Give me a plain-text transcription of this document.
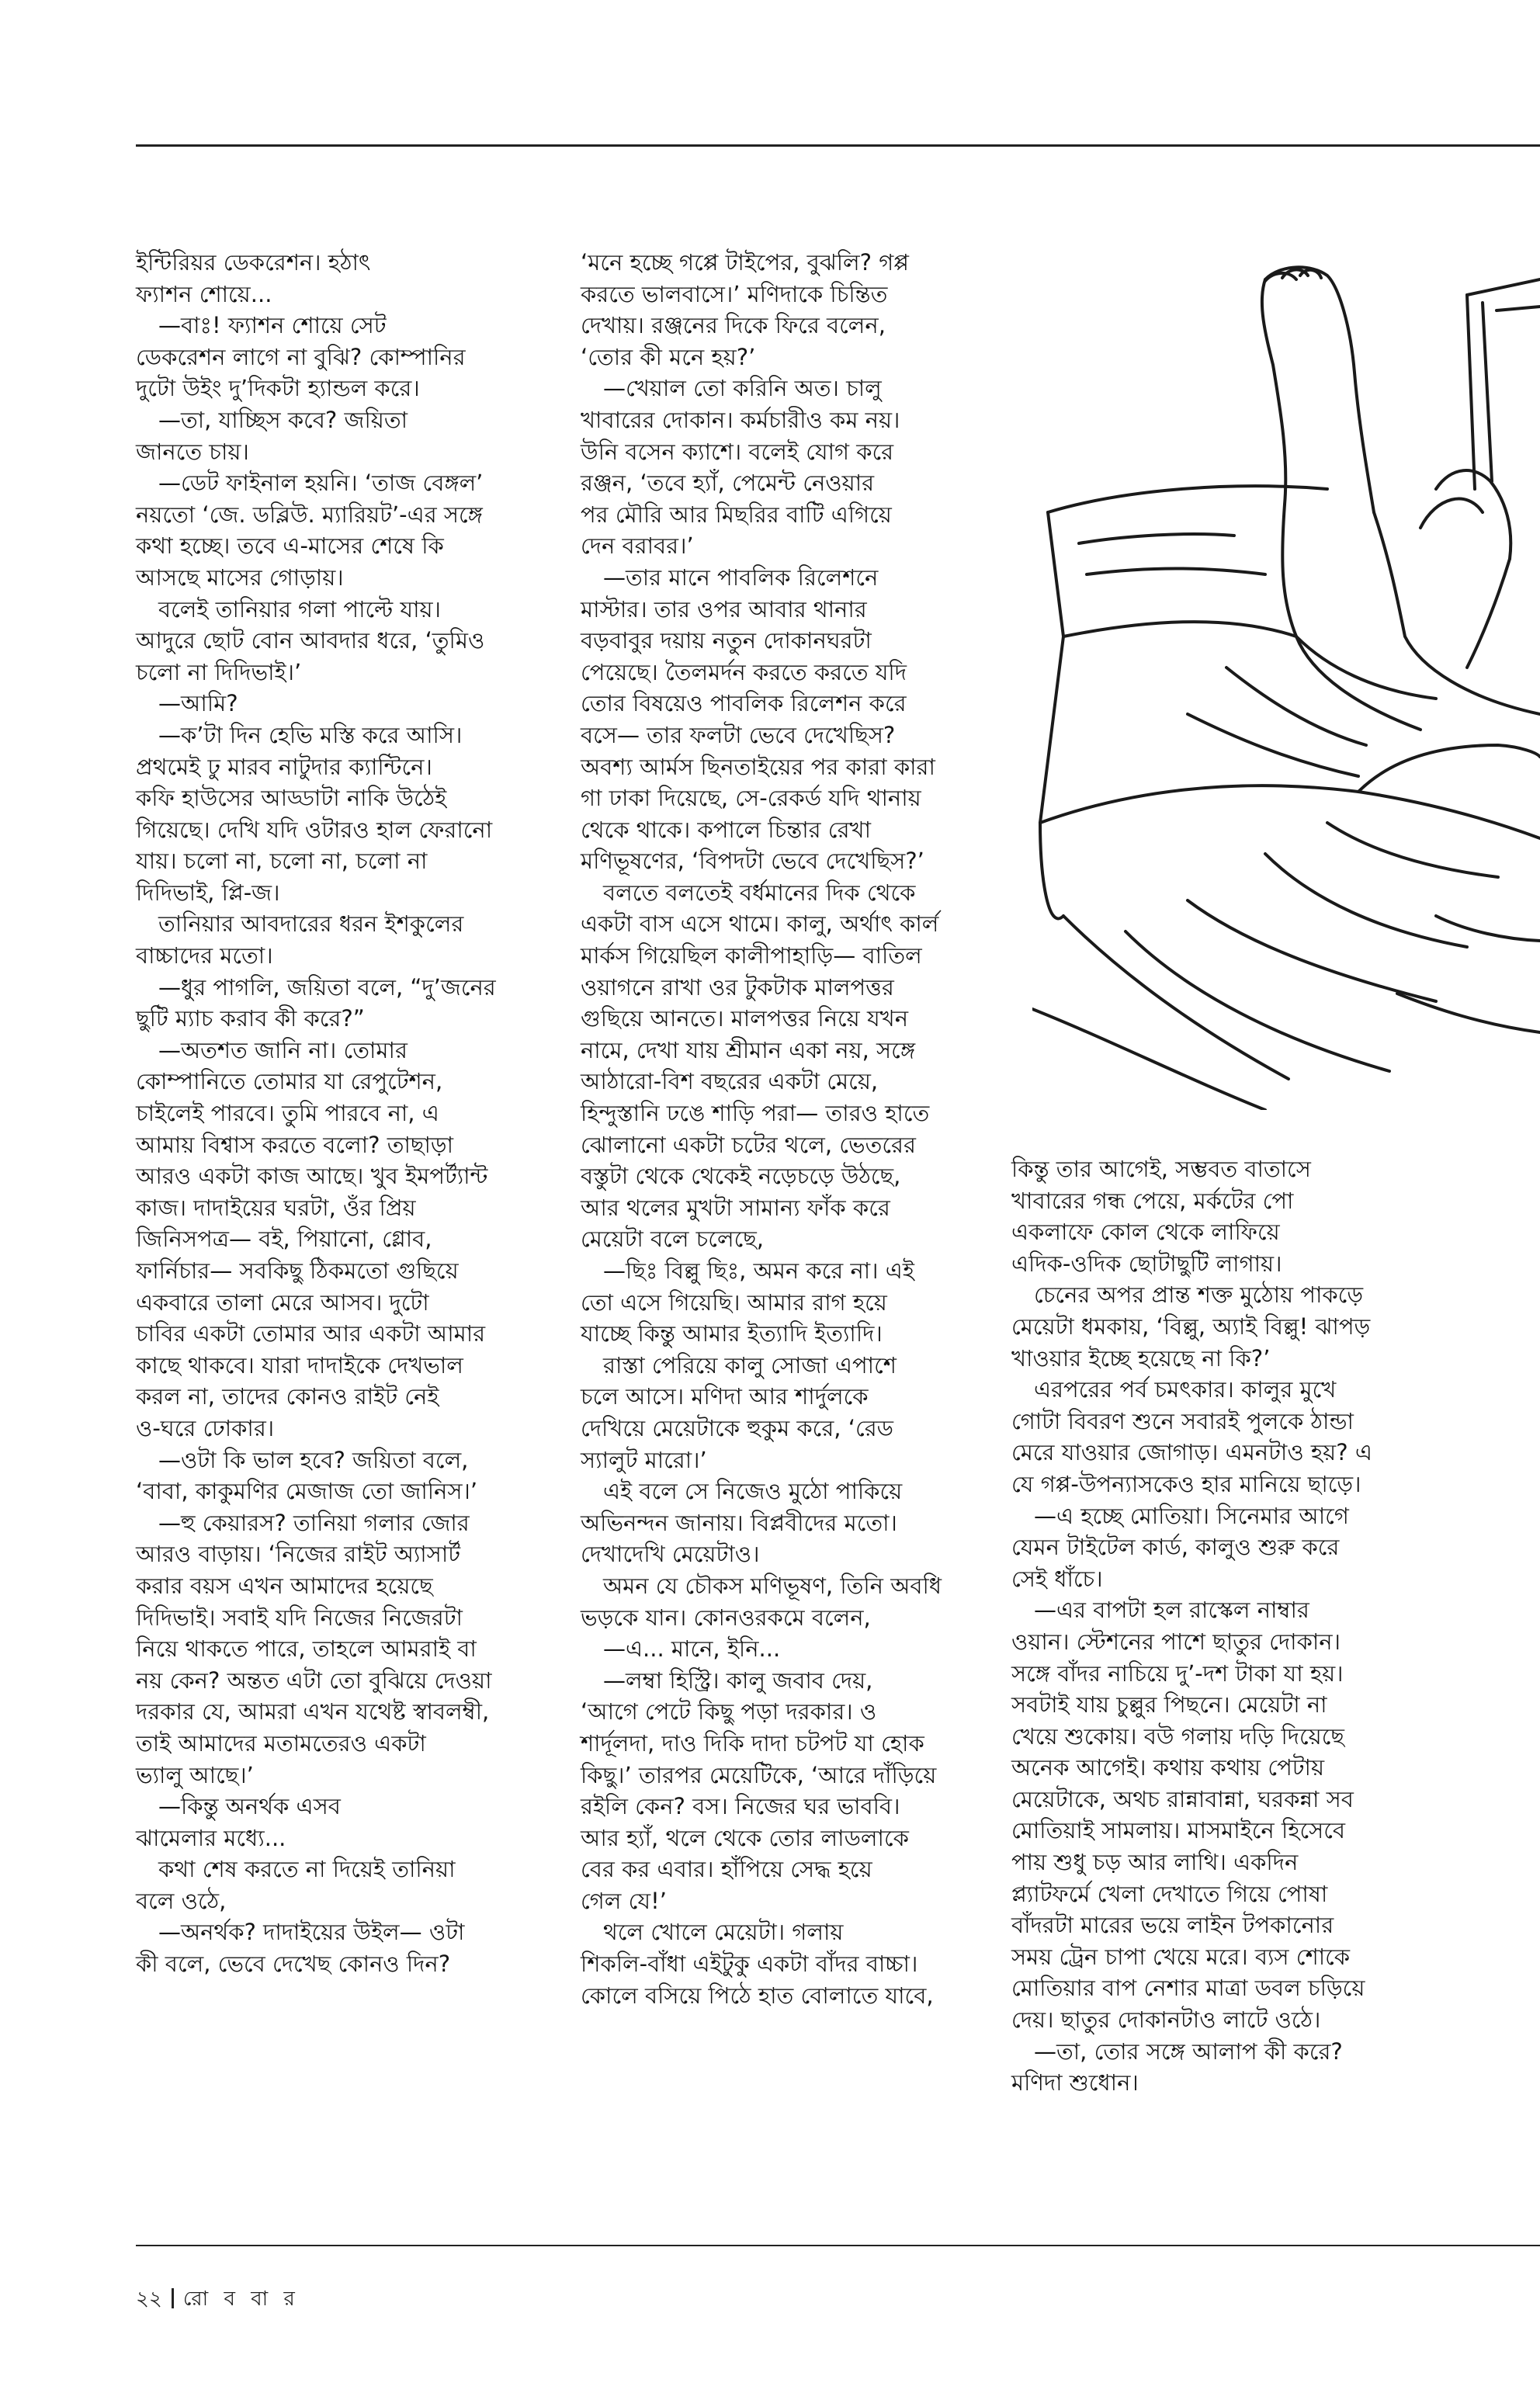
ইন্টিরিয়র ডেকরেশন। হঠাৎ
ফ্যাশন শোয়ে...
 —বাঃ! ফ্যাশন শোয়ে সেট
ডেকরেশন লাগে না বুঝি? কোম্পানির
দুটো উইং দু’দিকটা হ্যান্ডল করে।
 —তা, যাচ্ছিস কবে? জয়িতা
জানতে চায়।
 —ডেট ফাইনাল হয়নি। ‘তাজ বেঙ্গল’
নয়তো ‘জে. ডব্লিউ. ম্যারিয়ট’-এর সঙ্গে
কথা হচ্ছে। তবে এ-মাসের শেষে কি
আসছে মাসের গোড়ায়।
 বলেই তানিয়ার গলা পাল্টে যায়।
আদুরে ছোট বোন আবদার ধরে, ‘তুমিও
চলো না দিদিভাই।’
 —আমি?
 —ক’টা দিন হেভি মস্তি করে আসি।
প্রথমেই ঢু মারব নাটুদার ক্যান্টিনে।
কফি হাউসের আড্ডাটা নাকি উঠেই
গিয়েছে। দেখি যদি ওটারও হাল ফেরানো
যায়। চলো না, চলো না, চলো না
দিদিভাই, প্লি-জ।
 তানিয়ার আবদারের ধরন ইশকুলের
বাচ্চাদের মতো।
 —ধুর পাগলি, জয়িতা বলে, “দু’জনের
ছুটি ম্যাচ করাব কী করে?”
 —অতশত জানি না। তোমার
কোম্পানিতে তোমার যা রেপুটেশন,
চাইলেই পারবে। তুমি পারবে না, এ
আমায় বিশ্বাস করতে বলো? তাছাড়া
আরও একটা কাজ আছে। খুব ইমপর্ট্যান্ট
কাজ। দাদাইয়ের ঘরটা, ওঁর প্রিয়
জিনিসপত্র— বই, পিয়ানো, গ্লোব,
ফার্নিচার— সবকিছু ঠিকমতো গুছিয়ে
একবারে তালা মেরে আসব। দুটো
চাবির একটা তোমার আর একটা আমার
কাছে থাকবে। যারা দাদাইকে দেখভাল
করল না, তাদের কোনও রাইট নেই
ও-ঘরে ঢোকার।
 —ওটা কি ভাল হবে? জয়িতা বলে,
‘বাবা, কাকুমণির মেজাজ তো জানিস।’
 —হু কেয়ারস? তানিয়া গলার জোর
আরও বাড়ায়। ‘নিজের রাইট অ্যাসার্ট
করার বয়স এখন আমাদের হয়েছে
দিদিভাই। সবাই যদি নিজের নিজেরটা
নিয়ে থাকতে পারে, তাহলে আমরাই বা
নয় কেন? অন্তত এটা তো বুঝিয়ে দেওয়া
দরকার যে, আমরা এখন যথেষ্ট স্বাবলম্বী,
তাই আমাদের মতামতেরও একটা
ভ্যালু আছে।’
 —কিন্তু অনর্থক এসব
ঝামেলার মধ্যে...
 কথা শেষ করতে না দিয়েই তানিয়া
বলে ওঠে,
 —অনর্থক? দাদাইয়ের উইল— ওটা
কী বলে, ভেবে দেখেছ কোনও দিন?
‘মনে হচ্ছে গপ্পে টাইপের, বুঝলি? গপ্প
করতে ভালবাসে।’ মণিদাকে চিন্তিত
দেখায়। রঞ্জনের দিকে ফিরে বলেন,
‘তোর কী মনে হয়?’
 —খেয়াল তো করিনি অত। চালু
খাবারের দোকান। কর্মচারীও কম নয়।
উনি বসেন ক্যাশে। বলেই যোগ করে
রঞ্জন, ‘তবে হ্যাঁ, পেমেন্ট নেওয়ার
পর মৌরি আর মিছরির বাটি এগিয়ে
দেন বরাবর।’
 —তার মানে পাবলিক রিলেশনে
মাস্টার। তার ওপর আবার থানার
বড়বাবুর দয়ায় নতুন দোকানঘরটা
পেয়েছে। তৈলমর্দন করতে করতে যদি
তোর বিষয়েও পাবলিক রিলেশন করে
বসে— তার ফলটা ভেবে দেখেছিস?
অবশ্য আর্মস ছিনতাইয়ের পর কারা কারা
গা ঢাকা দিয়েছে, সে-রেকর্ড যদি থানায়
থেকে থাকে। কপালে চিন্তার রেখা
মণিভূষণের, ‘বিপদটা ভেবে দেখেছিস?’
 বলতে বলতেই বর্ধমানের দিক থেকে
একটা বাস এসে থামে। কালু, অর্থাৎ কার্ল
মার্কস গিয়েছিল কালীপাহাড়ি— বাতিল
ওয়াগনে রাখা ওর টুকটাক মালপত্তর
গুছিয়ে আনতে। মালপত্তর নিয়ে যখন
নামে, দেখা যায় শ্রীমান একা নয়, সঙ্গে
আঠারো-বিশ বছরের একটা মেয়ে,
হিন্দুস্তানি ঢঙে শাড়ি পরা— তারও হাতে
ঝোলানো একটা চটের থলে, ভেতরের
বস্তুটা থেকে থেকেই নড়েচড়ে উঠছে,
আর থলের মুখটা সামান্য ফাঁক করে
মেয়েটা বলে চলেছে,
 —ছিঃ বিল্লু ছিঃ, অমন করে না। এই
তো এসে গিয়েছি। আমার রাগ হয়ে
যাচ্ছে কিন্তু আমার ইত্যাদি ইত্যাদি।
 রাস্তা পেরিয়ে কালু সোজা এপাশে
চলে আসে। মণিদা আর শার্দুলকে
দেখিয়ে মেয়েটাকে হুকুম করে, ‘রেড
স্যালুট মারো।’
 এই বলে সে নিজেও মুঠো পাকিয়ে
অভিনন্দন জানায়। বিপ্লবীদের মতো।
দেখাদেখি মেয়েটাও।
 অমন যে চৌকস মণিভূষণ, তিনি অবধি
ভড়কে যান। কোনওরকমে বলেন,
 —এ... মানে, ইনি...
 —লম্বা হিস্ট্রি। কালু জবাব দেয়,
‘আগে পেটে কিছু পড়া দরকার। ও
শার্দূলদা, দাও দিকি দাদা চটপট যা হোক
কিছু।’ তারপর মেয়েটিকে, ‘আরে দাঁড়িয়ে
রইলি কেন? বস। নিজের ঘর ভাববি।
আর হ্যাঁ, থলে থেকে তোর লাডলাকে
বের কর এবার। হাঁপিয়ে সেদ্ধ হয়ে
গেল যে!’
 থলে খোলে মেয়েটা। গলায়
শিকলি-বাঁধা এইটুকু একটা বাঁদর বাচ্চা।
কোলে বসিয়ে পিঠে হাত বোলাতে যাবে,
কিন্তু তার আগেই, সম্ভবত বাতাসে
খাবারের গন্ধ পেয়ে, মর্কটের পো
একলাফে কোল থেকে লাফিয়ে
এদিক-ওদিক ছোটাছুটি লাগায়।
 চেনের অপর প্রান্ত শক্ত মুঠোয় পাকড়ে
মেয়েটা ধমকায়, ‘বিল্লু, অ্যাই বিল্লু! ঝাপড়
খাওয়ার ইচ্ছে হয়েছে না কি?’
 এরপরের পর্ব চমৎকার। কালুর মুখে
গোটা বিবরণ শুনে সবারই পুলকে ঠান্ডা
মেরে যাওয়ার জোগাড়। এমনটাও হয়? এ
যে গপ্প-উপন্যাসকেও হার মানিয়ে ছাড়ে।
 —এ হচ্ছে মোতিয়া। সিনেমার আগে
যেমন টাইটেল কার্ড, কালুও শুরু করে
সেই ধাঁচে।
 —এর বাপটা হল রাস্কেল নাম্বার
ওয়ান। স্টেশনের পাশে ছাতুর দোকান।
সঙ্গে বাঁদর নাচিয়ে দু’-দশ টাকা যা হয়।
সবটাই যায় চুল্লুর পিছনে। মেয়েটা না
খেয়ে শুকোয়। বউ গলায় দড়ি দিয়েছে
অনেক আগেই। কথায় কথায় পেটায়
মেয়েটাকে, অথচ রান্নাবান্না, ঘরকন্না সব
মোতিয়াই সামলায়। মাসমাইনে হিসেবে
পায় শুধু চড় আর লাথি। একদিন
প্ল্যাটফর্মে খেলা দেখাতে গিয়ে পোষা
বাঁদরটা মারের ভয়ে লাইন টপকানোর
সময় ট্রেন চাপা খেয়ে মরে। ব্যস শোকে
মোতিয়ার বাপ নেশার মাত্রা ডবল চড়িয়ে
দেয়। ছাতুর দোকানটাও লাটে ওঠে।
 —তা, তোর সঙ্গে আলাপ কী করে?
মণিদা শুধোন।
২২ রো ব বা র
